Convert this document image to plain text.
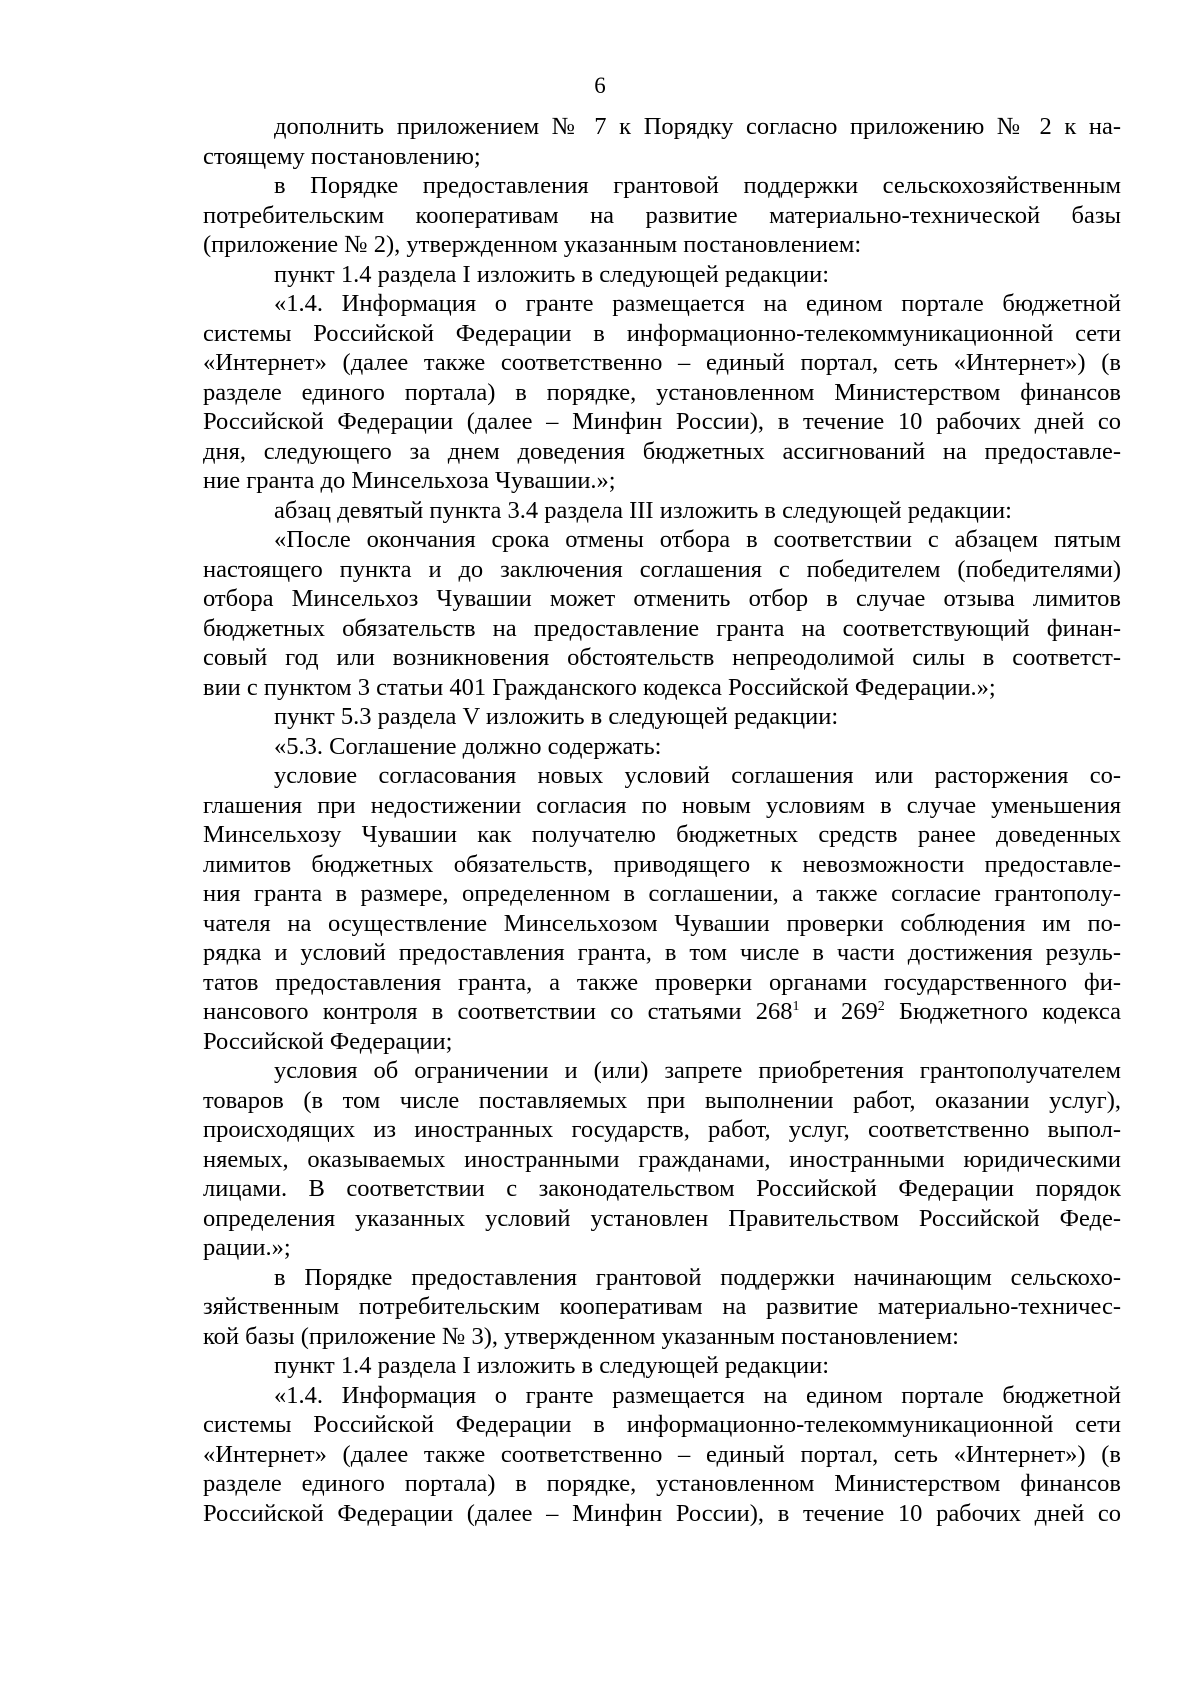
6
дополнить приложением № 7 к Порядку согласно приложению № 2 к на-
стоящему постановлению;
в Порядке предоставления грантовой поддержки сельскохозяйственным
потребительским кооперативам на развитие материально-технической базы
(приложение № 2), утвержденном указанным постановлением:
пункт 1.4 раздела I изложить в следующей редакции:
«1.4. Информация о гранте размещается на едином портале бюджетной
системы Российской Федерации в информационно-телекоммуникационной сети
«Интернет» (далее также соответственно – единый портал, сеть «Интернет») (в
разделе единого портала) в порядке, установленном Министерством финансов
Российской Федерации (далее – Минфин России), в течение 10 рабочих дней со
дня, следующего за днем доведения бюджетных ассигнований на предоставле-
ние гранта до Минсельхоза Чувашии.»;
абзац девятый пункта 3.4 раздела III изложить в следующей редакции:
«После окончания срока отмены отбора в соответствии с абзацем пятым
настоящего пункта и до заключения соглашения с победителем (победителями)
отбора Минсельхоз Чувашии может отменить отбор в случае отзыва лимитов
бюджетных обязательств на предоставление гранта на соответствующий финан-
совый год или возникновения обстоятельств непреодолимой силы в соответст-
вии с пунктом 3 статьи 401 Гражданского кодекса Российской Федерации.»;
пункт 5.3 раздела V изложить в следующей редакции:
«5.3. Соглашение должно содержать:
условие согласования новых условий соглашения или расторжения со-
глашения при недостижении согласия по новым условиям в случае уменьшения
Минсельхозу Чувашии как получателю бюджетных средств ранее доведенных
лимитов бюджетных обязательств, приводящего к невозможности предоставле-
ния гранта в размере, определенном в соглашении, а также согласие грантополу-
чателя на осуществление Минсельхозом Чувашии проверки соблюдения им по-
рядка и условий предоставления гранта, в том числе в части достижения резуль-
татов предоставления гранта, а также проверки органами государственного фи-
нансового контроля в соответствии со статьями $268^1$ и $269^2$ Бюджетного кодекса
Российской Федерации;
условия об ограничении и (или) запрете приобретения грантополучателем
товаров (в том числе поставляемых при выполнении работ, оказании услуг),
происходящих из иностранных государств, работ, услуг, соответственно выпол-
няемых, оказываемых иностранными гражданами, иностранными юридическими
лицами. В соответствии с законодательством Российской Федерации порядок
определения указанных условий установлен Правительством Российской Феде-
рации.»;
в Порядке предоставления грантовой поддержки начинающим сельскохо-
зяйственным потребительским кооперативам на развитие материально-техничес-
кой базы (приложение № 3), утвержденном указанным постановлением:
пункт 1.4 раздела I изложить в следующей редакции:
«1.4. Информация о гранте размещается на едином портале бюджетной
системы Российской Федерации в информационно-телекоммуникационной сети
«Интернет» (далее также соответственно – единый портал, сеть «Интернет») (в
разделе единого портала) в порядке, установленном Министерством финансов
Российской Федерации (далее – Минфин России), в течение 10 рабочих дней со
